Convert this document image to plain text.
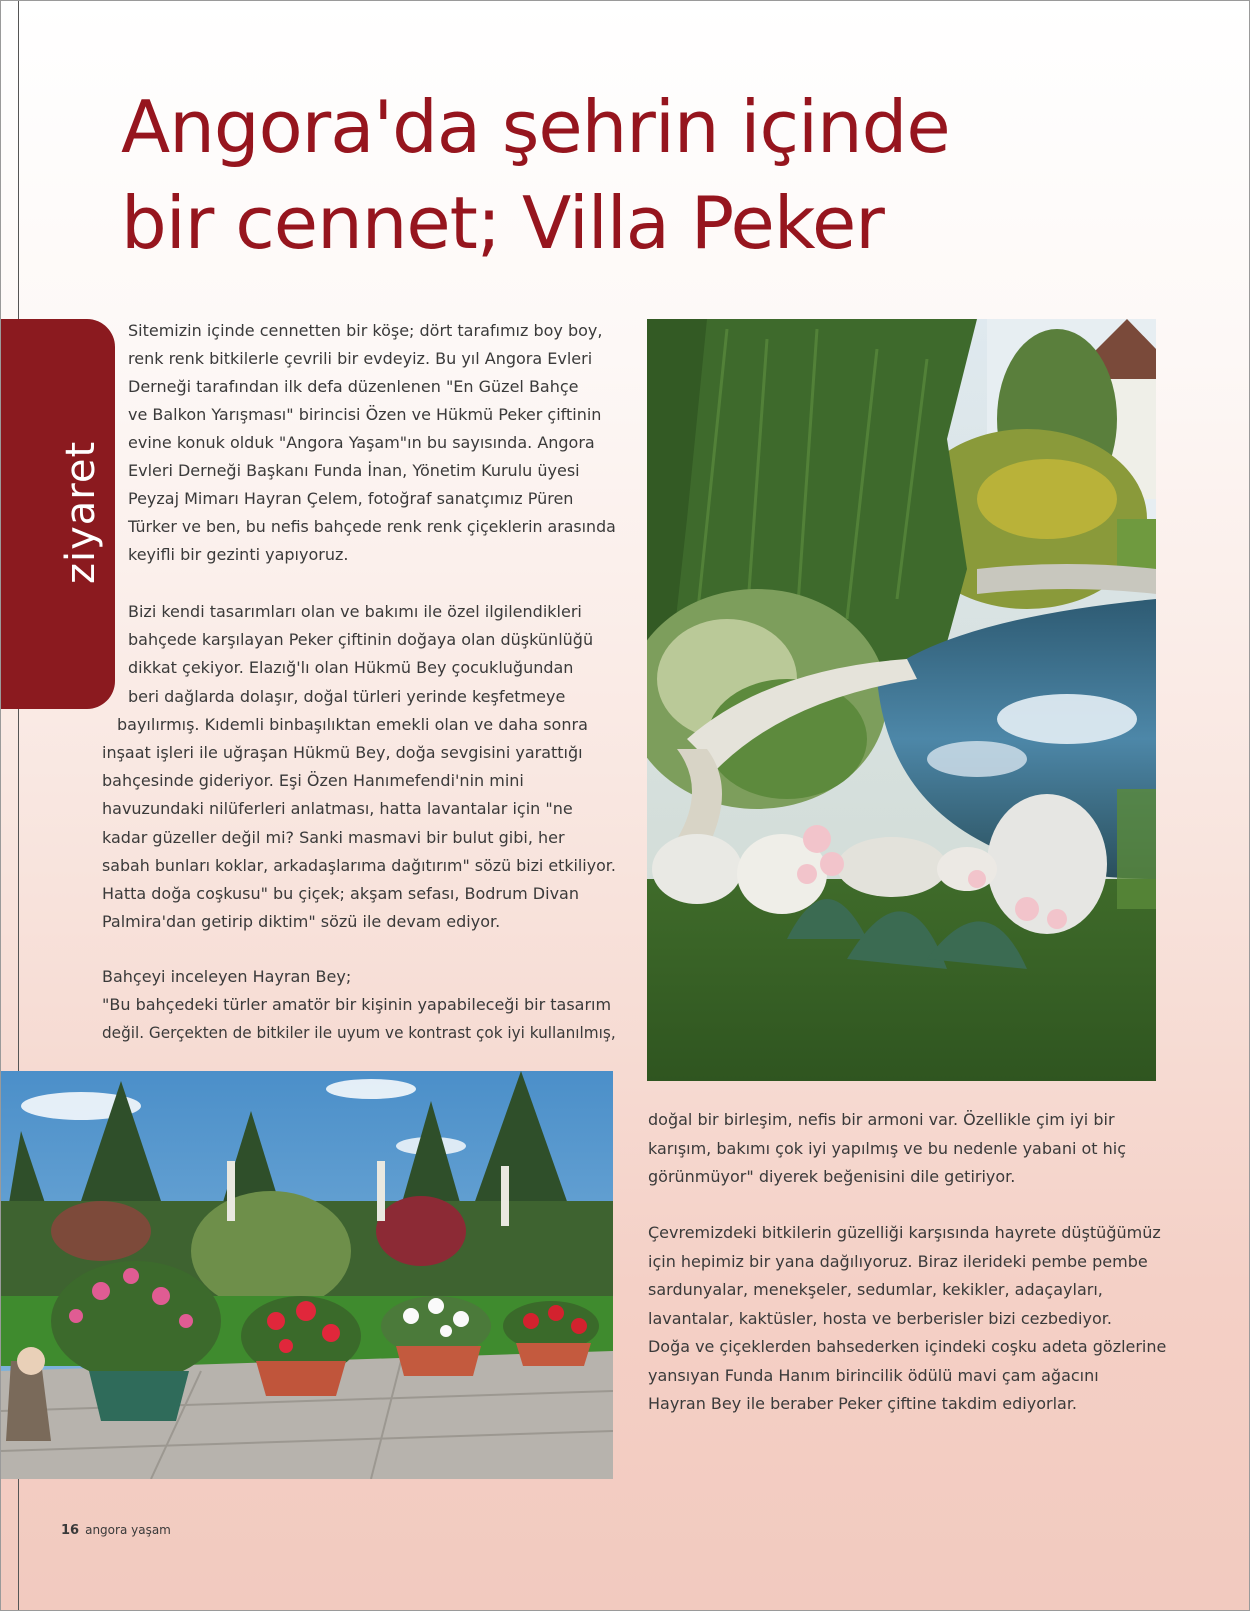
Angora'da şehrin içinde
bir cennet; Villa Peker
ziyaret
Sitemizin içinde cennetten bir köşe; dört tarafımız boy boy,
renk renk bitkilerle çevrili bir evdeyiz. Bu yıl Angora Evleri
Derneği tarafından ilk defa düzenlenen "En Güzel Bahçe
ve Balkon Yarışması" birincisi Özen ve Hükmü Peker çiftinin
evine konuk olduk "Angora Yaşam"ın bu sayısında. Angora
Evleri Derneği Başkanı Funda İnan, Yönetim Kurulu üyesi
Peyzaj Mimarı Hayran Çelem, fotoğraf sanatçımız Püren
Türker ve ben, bu nefis bahçede renk renk çiçeklerin arasında
keyifli bir gezinti yapıyoruz.
Bizi kendi tasarımları olan ve bakımı ile özel ilgilendikleri
bahçede karşılayan Peker çiftinin doğaya olan düşkünlüğü
dikkat çekiyor. Elazığ'lı olan Hükmü Bey çocukluğundan
beri dağlarda dolaşır, doğal türleri yerinde keşfetmeye
bayılırmış. Kıdemli binbaşılıktan emekli olan ve daha sonra
inşaat işleri ile uğraşan Hükmü Bey, doğa sevgisini yarattığı
bahçesinde gideriyor. Eşi Özen Hanımefendi'nin mini
havuzundaki nilüferleri anlatması, hatta lavantalar için "ne
kadar güzeller değil mi? Sanki masmavi bir bulut gibi, her
sabah bunları koklar, arkadaşlarıma dağıtırım" sözü bizi etkiliyor.
Hatta doğa coşkusu" bu çiçek; akşam sefası, Bodrum Divan
Palmira'dan getirip diktim" sözü ile devam ediyor.
Bahçeyi inceleyen Hayran Bey;
"Bu bahçedeki türler amatör bir kişinin yapabileceği bir tasarım
değil. Gerçekten de bitkiler ile uyum ve kontrast çok iyi kullanılmış,
doğal bir birleşim, nefis bir armoni var. Özellikle çim iyi bir
karışım, bakımı çok iyi yapılmış ve bu nedenle yabani ot hiç
görünmüyor" diyerek beğenisini dile getiriyor.
Çevremizdeki bitkilerin güzelliği karşısında hayrete düştüğümüz
için hepimiz bir yana dağılıyoruz. Biraz ilerideki pembe pembe
sardunyalar, menekşeler, sedumlar, kekikler, adaçayları,
lavantalar, kaktüsler, hosta ve berberisler bizi cezbediyor.
Doğa ve çiçeklerden bahsederken içindeki coşku adeta gözlerine
yansıyan Funda Hanım birincilik ödülü mavi çam ağacını
Hayran Bey ile beraber Peker çiftine takdim ediyorlar.
16 angora yaşam
